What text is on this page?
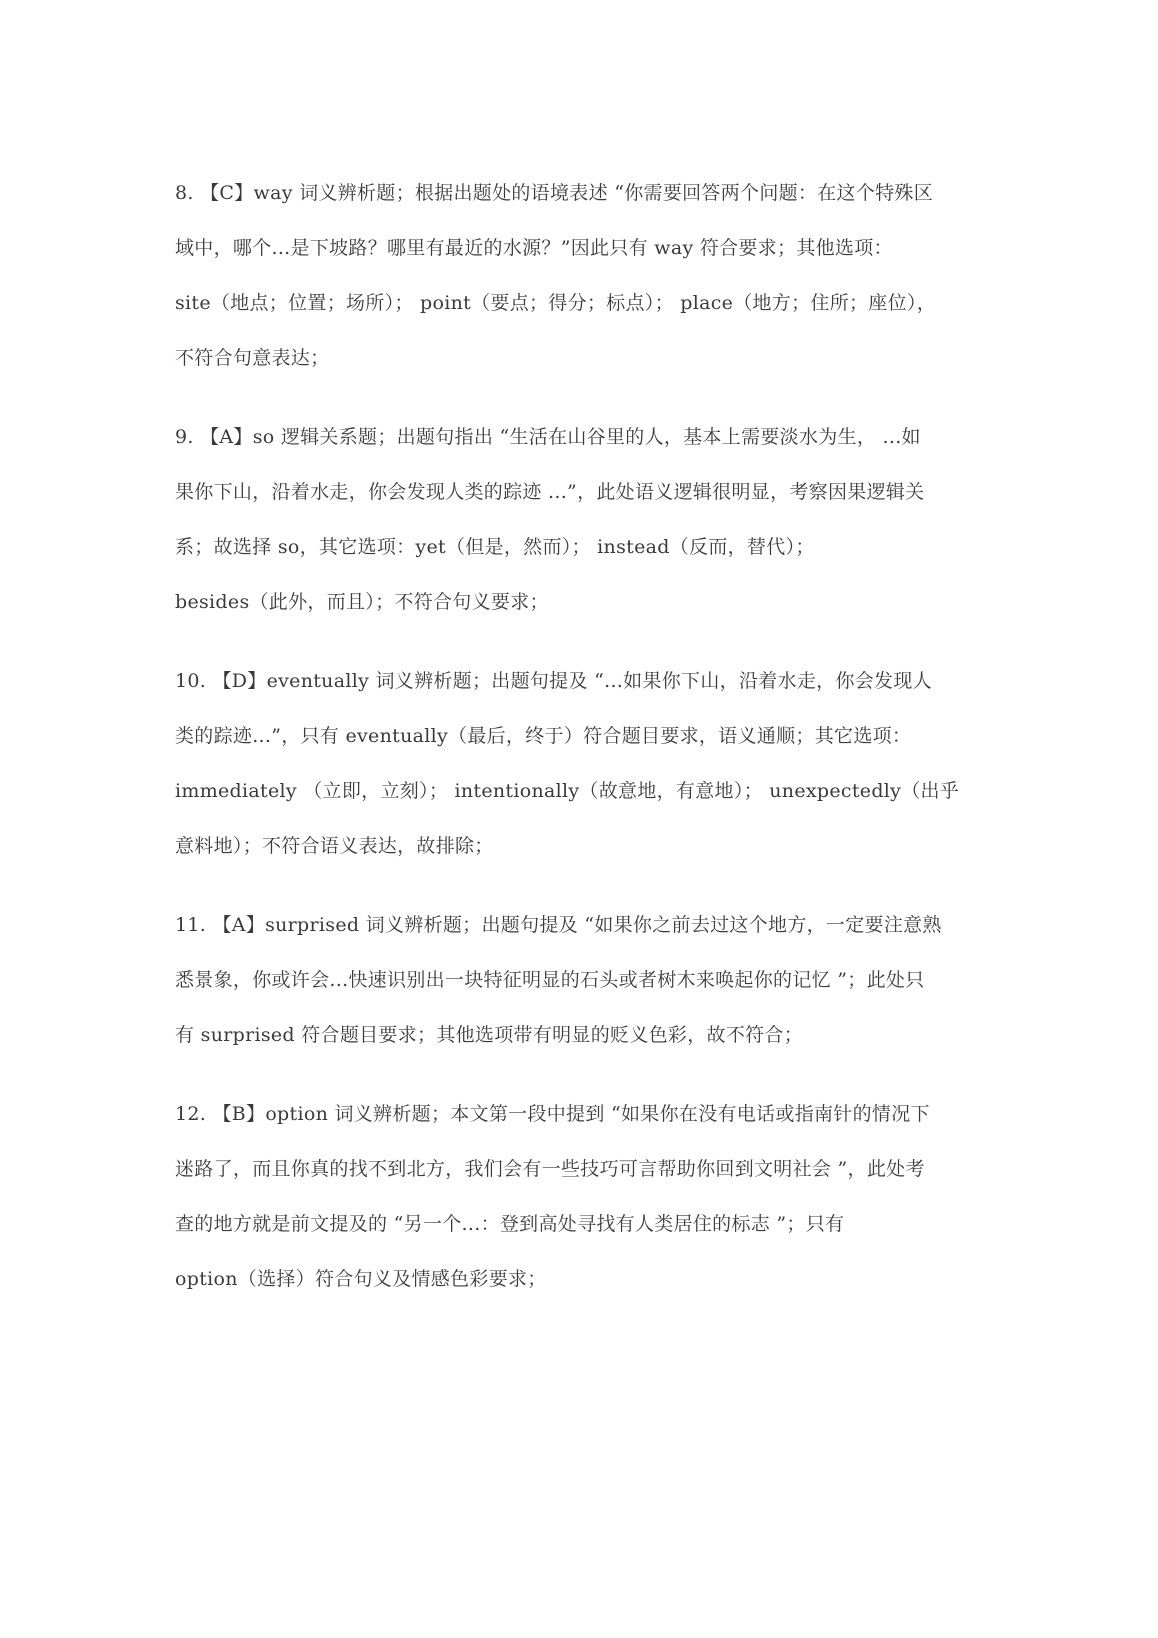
8. 【C】way 词义辨析题；根据出题处的语境表述 “你需要回答两个问题：在这个特殊区
域中，哪个...是下坡路？哪里有最近的水源？”因此只有 way 符合要求；其他选项：
site（地点；位置；场所）； point（要点；得分；标点）； place（地方；住所；座位），
不符合句意表达；
9. 【A】so 逻辑关系题；出题句指出 “生活在山谷里的人，基本上需要淡水为生， ...如
果你下山，沿着水走，你会发现人类的踪迹 ...”，此处语义逻辑很明显，考察因果逻辑关
系；故选择 so，其它选项：yet（但是，然而）； instead（反而，替代）；
besides（此外，而且）；不符合句义要求；
10. 【D】eventually 词义辨析题；出题句提及 “...如果你下山，沿着水走，你会发现人
类的踪迹...”，只有 eventually（最后，终于）符合题目要求，语义通顺；其它选项：
immediately （立即，立刻）； intentionally（故意地，有意地）； unexpectedly（出乎
意料地）；不符合语义表达，故排除；
11. 【A】surprised 词义辨析题；出题句提及 “如果你之前去过这个地方，一定要注意熟
悉景象，你或许会...快速识别出一块特征明显的石头或者树木来唤起你的记忆 ”；此处只
有 surprised 符合题目要求；其他选项带有明显的贬义色彩，故不符合；
12. 【B】option 词义辨析题；本文第一段中提到 “如果你在没有电话或指南针的情况下
迷路了，而且你真的找不到北方，我们会有一些技巧可言帮助你回到文明社会 ”，此处考
查的地方就是前文提及的 “另一个...：登到高处寻找有人类居住的标志 ”；只有
option（选择）符合句义及情感色彩要求；
